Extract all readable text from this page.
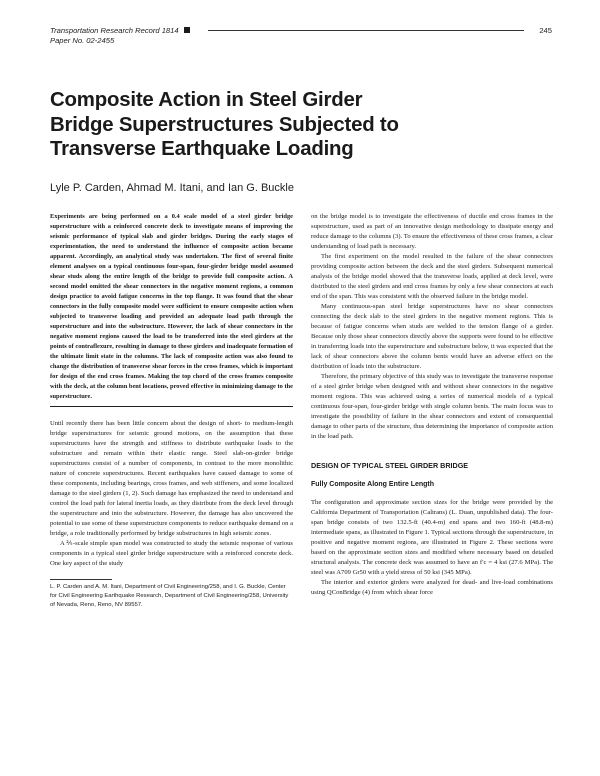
Transportation Research Record 1814	245
Paper No. 02-2455
Composite Action in Steel Girder
Bridge Superstructures Subjected to
Transverse Earthquake Loading
Lyle P. Carden, Ahmad M. Itani, and Ian G. Buckle

Experiments are being performed on a 0.4 scale model of a steel girder bridge superstructure with a reinforced concrete deck to investigate means of improving the seismic performance of typical slab and girder bridges. During the early stages of experimentation, the need to understand the influence of composite action became apparent. Accordingly, an analytical study was undertaken. The first of several finite element analyses on a typical continuous four-span, four-girder bridge model assumed shear studs along the entire length of the bridge to provide full composite action. A second model omitted the shear connectors in the negative moment regions, a common design practice to avoid fatigue concerns in the top flange. It was found that the shear connectors in the fully composite model were sufficient to ensure composite action when subjected to transverse loading and provided an adequate load path through the superstructure and into the substructure. However, the lack of shear connectors in the negative moment regions caused the load to be transferred into the steel girders at the points of contraflexure, resulting in damage to these girders and inadequate formation of the ultimate limit state in the columns. The lack of composite action was also found to change the distribution of transverse shear forces in the cross frames, which is important for design of the end cross frames. Making the top chord of the cross frames composite with the deck, at the column bent locations, proved effective in minimizing damage to the superstructure.

Until recently there has been little concern about the design of short- to medium-length bridge superstructures for seismic ground motions, on the assumption that these superstructures have the strength and stiffness to distribute earthquake loads to the substructure and remain within their elastic range. Steel slab-on-girder bridge superstructures consist of a number of components, in contrast to the more monolithic nature of concrete superstructures. Recent earthquakes have caused damage to some of these components, including bearings, cross frames, and web stiffeners, and some localized damage to the steel girders (1, 2). Such damage has emphasized the need to understand and control the load path for lateral inertia loads, as they distribute from the deck level through the superstructure and into the substructure. However, the damage has also uncovered the potential to use some of these superstructure components to reduce earthquake demand on a bridge, a role traditionally performed by bridge substructures in high seismic zones.

A ⅖-scale simple span model was constructed to study the seismic response of various components in a typical steel girder bridge superstructure with a reinforced concrete deck. One key aspect of the study

L. P. Carden and A. M. Itani, Department of Civil Engineering/258, and I. G. Buckle, Center for Civil Engineering Earthquake Research, Department of Civil Engineering/258, University of Nevada, Reno, Reno, NV 89557.

on the bridge model is to investigate the effectiveness of ductile end cross frames in the superstructure, used as part of an innovative design methodology to dissipate energy and reduce damage to the columns (3). To ensure the effectiveness of these cross frames, a clear understanding of load path is necessary.

The first experiment on the model resulted in the failure of the shear connectors providing composite action between the deck and the steel girders. Subsequent numerical analysis of the bridge model showed that the transverse loads, applied at deck level, were distributed to the steel girders and end cross frames by only a few shear connectors at each end of the span. This was consistent with the observed failure in the bridge model.

Many continuous-span steel bridge superstructures have no shear connectors connecting the deck slab to the steel girders in the negative moment regions. This is because of fatigue concerns when studs are welded to the tension flange of a girder. Because only those shear connectors directly above the supports were found to be effective in transferring loads into the superstructure and substructure below, it was expected that the lack of shear connectors above the column bents would have an adverse effect on the distribution of loads into the substructure.

Therefore, the primary objective of this study was to investigate the transverse response of a steel girder bridge when designed with and without shear connectors in the negative moment regions. This was achieved using a series of numerical models of a typical continuous four-span, four-girder bridge with single column bents. The main focus was to investigate the possibility of failure in the shear connectors and extent of consequential damage to other parts of the structure, thus determining the importance of composite action in the load path.

DESIGN OF TYPICAL STEEL GIRDER BRIDGE
Fully Composite Along Entire Length

The configuration and approximate section sizes for the bridge were provided by the California Department of Transportation (Caltrans) (L. Duan, unpublished data). The four-span bridge consists of two 132.5-ft (40.4-m) end spans and two 160-ft (48.8-m) intermediate spans, as illustrated in Figure 1. Typical sections through the superstructure, in positive and negative moment regions, are illustrated in Figure 2. These sections were based on the approximate section sizes and modified where necessary based on detailed structural analysis. The concrete deck was assumed to have an f′c = 4 ksi (27.6 MPa). The steel was A709 Gr50 with a yield stress of 50 ksi (345 MPa).

The interior and exterior girders were analyzed for dead- and live-load combinations using QConBridge (4) from which shear force
